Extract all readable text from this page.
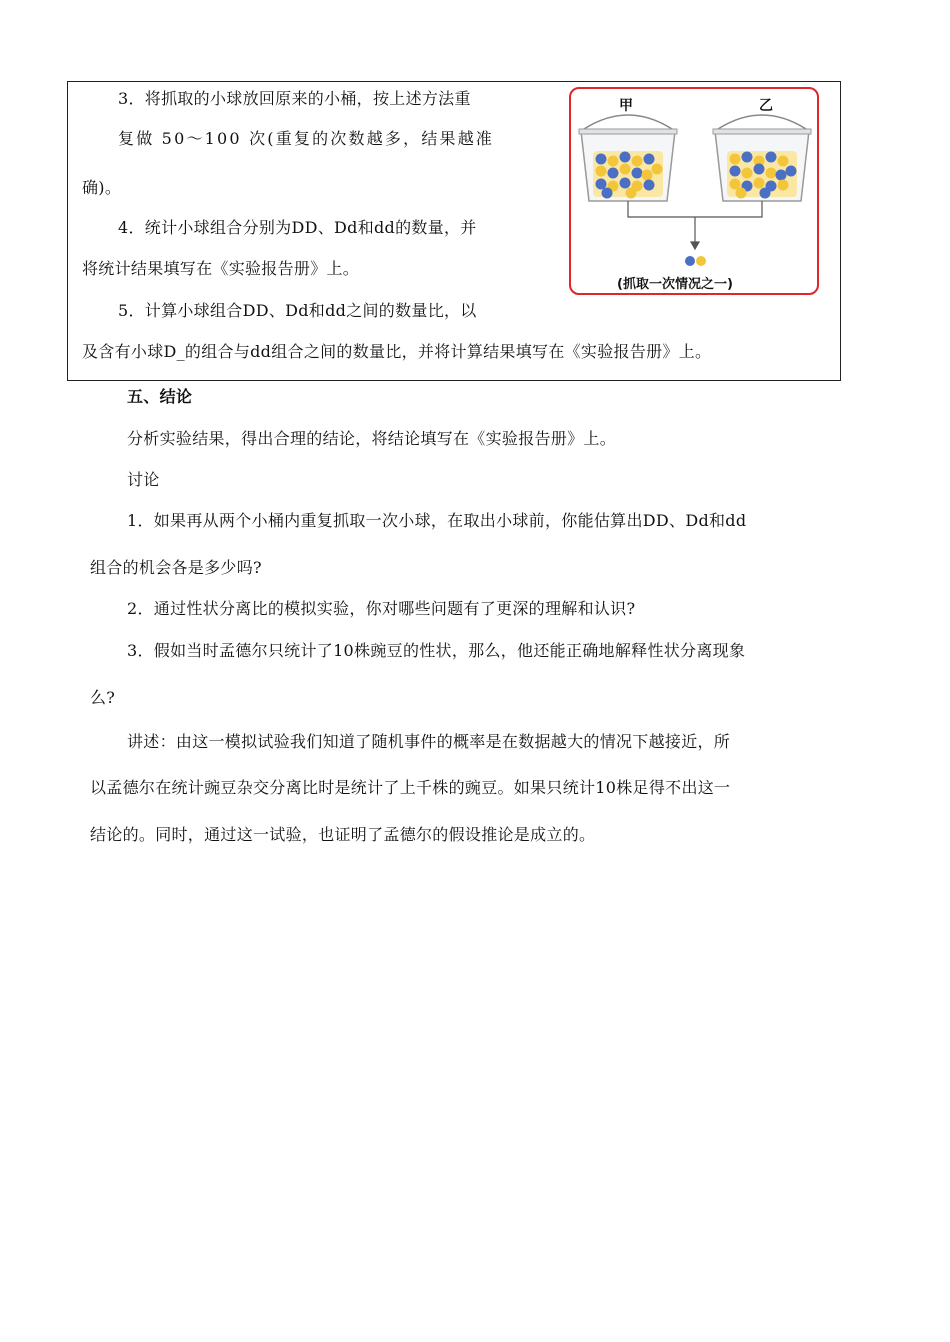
3．将抓取的小球放回原来的小桶，按上述方法重
复做 50～100 次(重复的次数越多，结果越准
确)。
4．统计小球组合分别为DD、Dd和dd的数量，并
将统计结果填写在《实验报告册》上。
5．计算小球组合DD、Dd和dd之间的数量比，以
及含有小球D_的组合与dd组合之间的数量比，并将计算结果填写在《实验报告册》上。
甲	乙
(抓取一次情况之一)
五、结论
分析实验结果，得出合理的结论，将结论填写在《实验报告册》上。
讨论
1．如果再从两个小桶内重复抓取一次小球，在取出小球前，你能估算出DD、Dd和dd
组合的机会各是多少吗?
2．通过性状分离比的模拟实验，你对哪些问题有了更深的理解和认识?
3．假如当时孟德尔只统计了10株豌豆的性状，那么，他还能正确地解释性状分离现象
么?
讲述：由这一模拟试验我们知道了随机事件的概率是在数据越大的情况下越接近，所
以孟德尔在统计豌豆杂交分离比时是统计了上千株的豌豆。如果只统计10株足得不出这一
结论的。同时，通过这一试验，也证明了孟德尔的假设推论是成立的。
